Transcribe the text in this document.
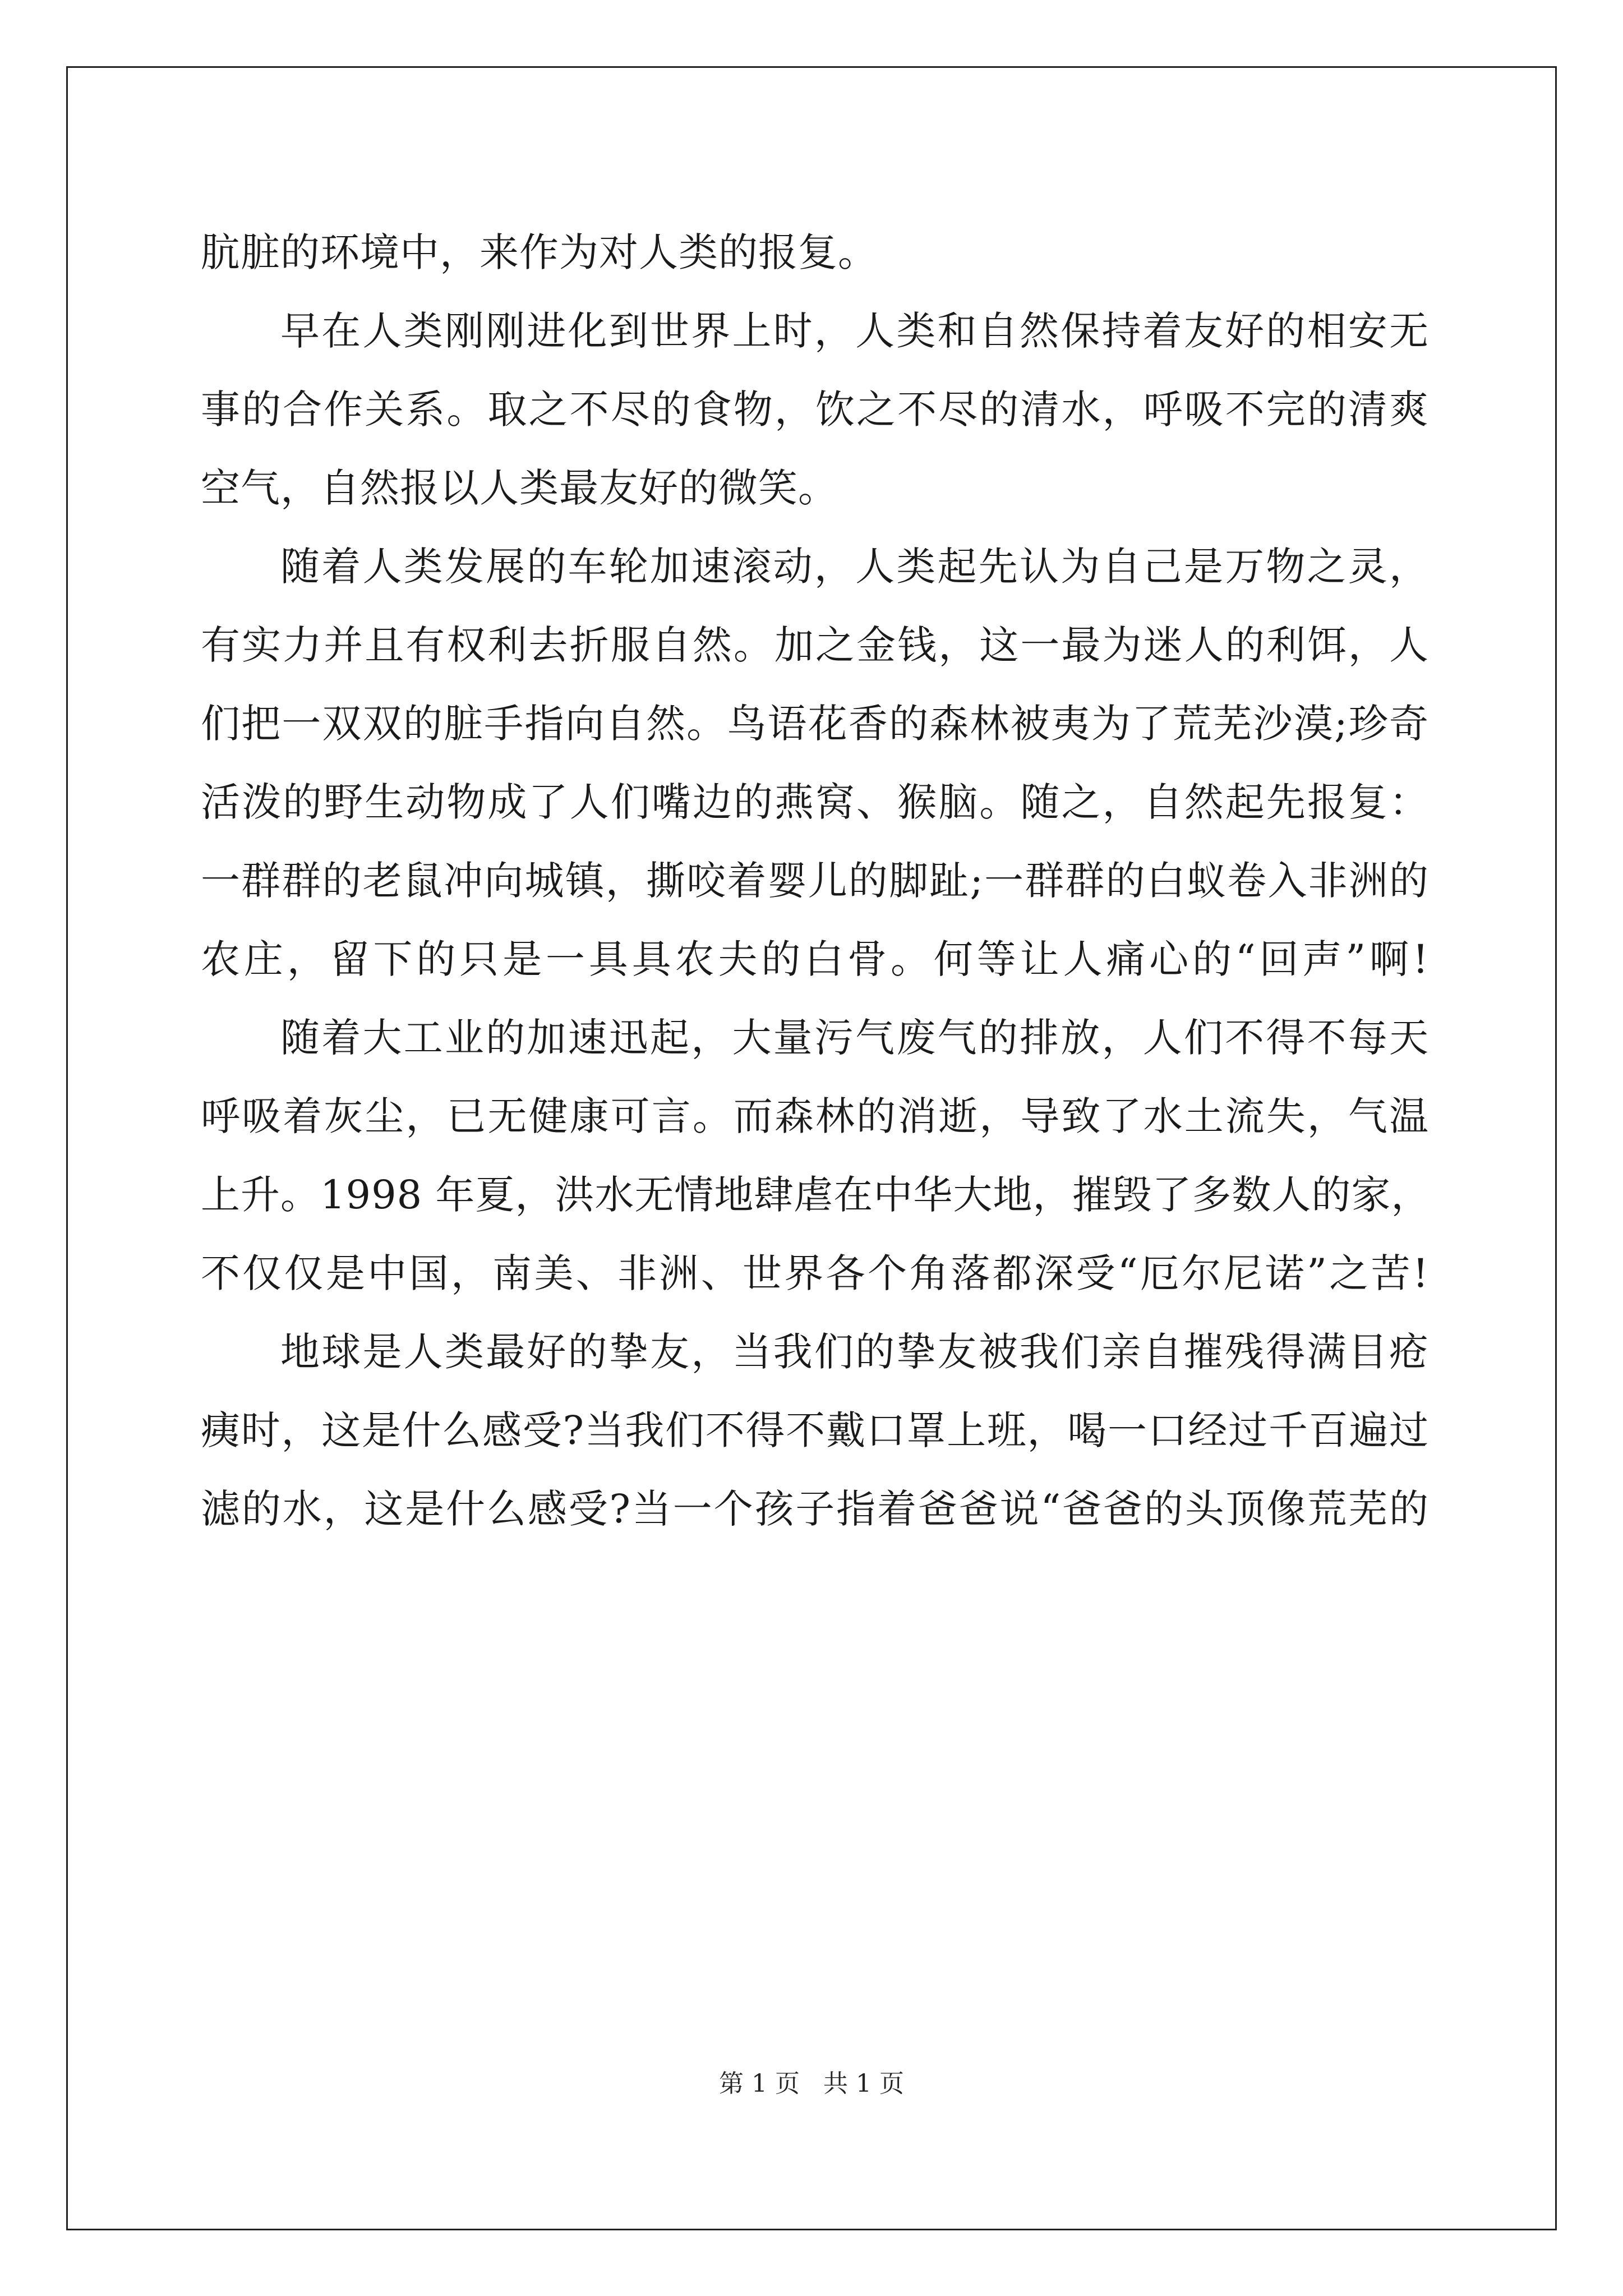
肮脏的环境中，来作为对人类的报复。
早在人类刚刚进化到世界上时，人类和自然保持着友好的相安无
事的合作关系。取之不尽的食物，饮之不尽的清水，呼吸不完的清爽
空气，自然报以人类最友好的微笑。
随着人类发展的车轮加速滚动，人类起先认为自己是万物之灵，
有实力并且有权利去折服自然。加之金钱，这一最为迷人的利饵，人
们把一双双的脏手指向自然。鸟语花香的森林被夷为了荒芜沙漠;珍奇
活泼的野生动物成了人们嘴边的燕窝、猴脑。随之，自然起先报复：
一群群的老鼠冲向城镇，撕咬着婴儿的脚趾;一群群的白蚁卷入非洲的
农庄，留下的只是一具具农夫的白骨。何等让人痛心的“回声”啊!
随着大工业的加速迅起，大量污气废气的排放，人们不得不每天
呼吸着灰尘，已无健康可言。而森林的消逝，导致了水土流失，气温
上升。1998 年夏，洪水无情地肆虐在中华大地，摧毁了多数人的家，
不仅仅是中国，南美、非洲、世界各个角落都深受“厄尔尼诺”之苦!
地球是人类最好的挚友，当我们的挚友被我们亲自摧残得满目疮
痍时，这是什么感受?当我们不得不戴口罩上班，喝一口经过千百遍过
滤的水，这是什么感受?当一个孩子指着爸爸说“爸爸的头顶像荒芜的
第 1 页 共 1 页
